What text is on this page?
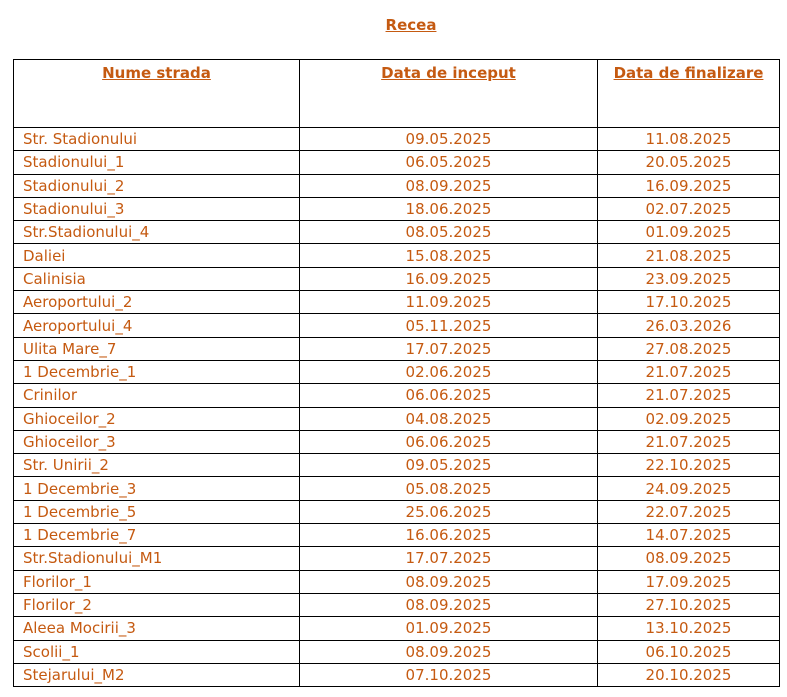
Recea
Nume strada	Data de inceput	Data de finalizare
Str. Stadionului	09.05.2025	11.08.2025
Stadionului_1	06.05.2025	20.05.2025
Stadionului_2	08.09.2025	16.09.2025
Stadionului_3	18.06.2025	02.07.2025
Str.Stadionului_4	08.05.2025	01.09.2025
Daliei	15.08.2025	21.08.2025
Calinisia	16.09.2025	23.09.2025
Aeroportului_2	11.09.2025	17.10.2025
Aeroportului_4	05.11.2025	26.03.2026
Ulita Mare_7	17.07.2025	27.08.2025
1 Decembrie_1	02.06.2025	21.07.2025
Crinilor	06.06.2025	21.07.2025
Ghioceilor_2	04.08.2025	02.09.2025
Ghioceilor_3	06.06.2025	21.07.2025
Str. Unirii_2	09.05.2025	22.10.2025
1 Decembrie_3	05.08.2025	24.09.2025
1 Decembrie_5	25.06.2025	22.07.2025
1 Decembrie_7	16.06.2025	14.07.2025
Str.Stadionului_M1	17.07.2025	08.09.2025
Florilor_1	08.09.2025	17.09.2025
Florilor_2	08.09.2025	27.10.2025
Aleea Mocirii_3	01.09.2025	13.10.2025
Scolii_1	08.09.2025	06.10.2025
Stejarului_M2	07.10.2025	20.10.2025
